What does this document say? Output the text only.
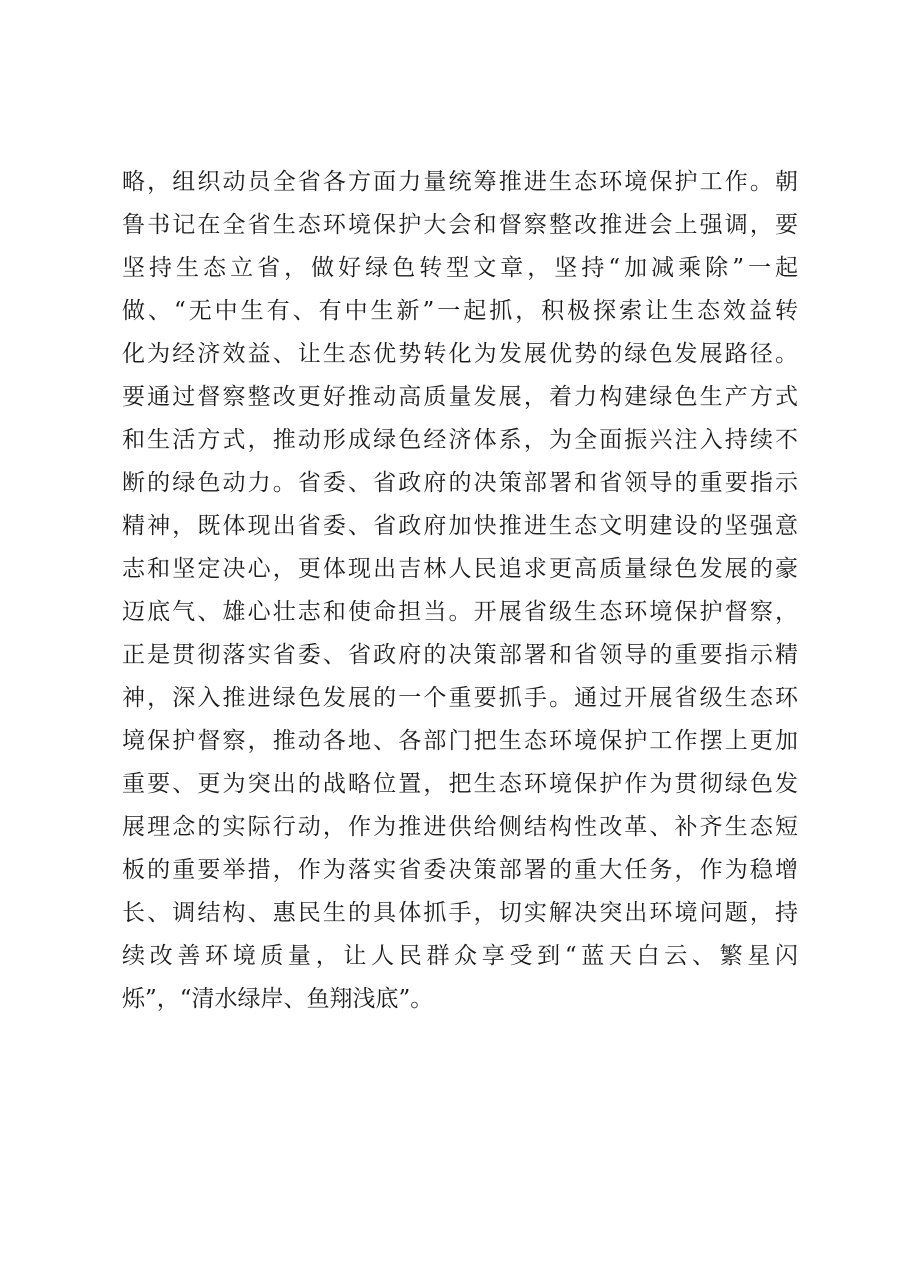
略，组织动员全省各方面力量统筹推进生态环境保护工作。朝
鲁书记在全省生态环境保护大会和督察整改推进会上强调，要
坚持生态立省，做好绿色转型文章，坚持“加减乘除”一起
做、“无中生有、有中生新”一起抓，积极探索让生态效益转
化为经济效益、让生态优势转化为发展优势的绿色发展路径。
要通过督察整改更好推动高质量发展，着力构建绿色生产方式
和生活方式，推动形成绿色经济体系，为全面振兴注入持续不
断的绿色动力。省委、省政府的决策部署和省领导的重要指示
精神，既体现出省委、省政府加快推进生态文明建设的坚强意
志和坚定决心，更体现出吉林人民追求更高质量绿色发展的豪
迈底气、雄心壮志和使命担当。开展省级生态环境保护督察，
正是贯彻落实省委、省政府的决策部署和省领导的重要指示精
神，深入推进绿色发展的一个重要抓手。通过开展省级生态环
境保护督察，推动各地、各部门把生态环境保护工作摆上更加
重要、更为突出的战略位置，把生态环境保护作为贯彻绿色发
展理念的实际行动，作为推进供给侧结构性改革、补齐生态短
板的重要举措，作为落实省委决策部署的重大任务，作为稳增
长、调结构、惠民生的具体抓手，切实解决突出环境问题，持
续改善环境质量，让人民群众享受到“蓝天白云、繁星闪
烁”，“清水绿岸、鱼翔浅底”。
